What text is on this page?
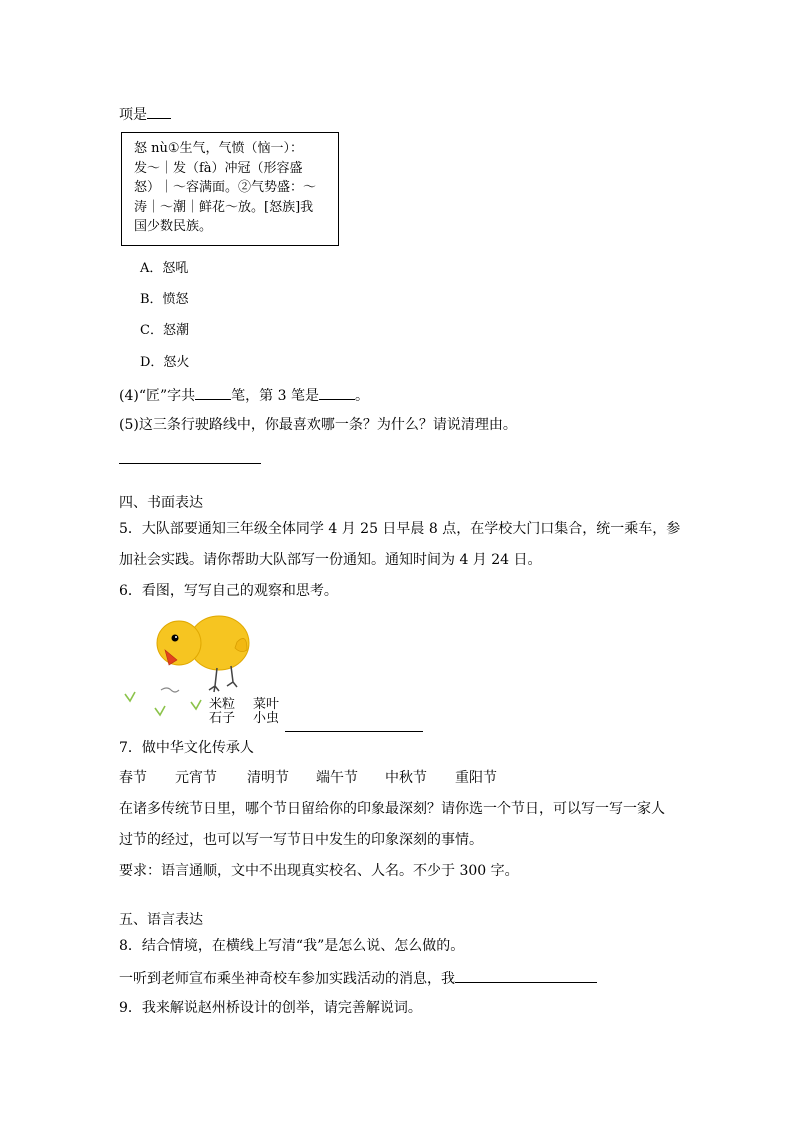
项是
怒 nù①生气，气愤（恼一）：
发～｜发（fà）冲冠（形容盛
怒）｜～容满面。②气势盛：～
涛｜～潮｜鲜花～放。[怒族]我
国少数民族。
A．怒吼
B．愤怒
C．怒潮
D．怒火
(4)“匠”字共	笔，第 3 笔是	。
(5)这三条行驶路线中，你最喜欢哪一条？为什么？请说清理由。
四、书面表达
5．大队部要通知三年级全体同学 4 月 25 日早晨 8 点，在学校大门口集合，统一乘车，参
加社会实践。请你帮助大队部写一份通知。通知时间为 4 月 24 日。
6．看图，写写自己的观察和思考。
米粒 菜叶
石子 小虫
7．做中华文化传承人
春节 元宵节 清明节 端午节 中秋节 重阳节
在诸多传统节日里，哪个节日留给你的印象最深刻？请你选一个节日，可以写一写一家人
过节的经过，也可以写一写节日中发生的印象深刻的事情。
要求：语言通顺，文中不出现真实校名、人名。不少于 300 字。
五、语言表达
8．结合情境，在横线上写清“我”是怎么说、怎么做的。
一听到老师宣布乘坐神奇校车参加实践活动的消息，我
9．我来解说赵州桥设计的创举，请完善解说词。
